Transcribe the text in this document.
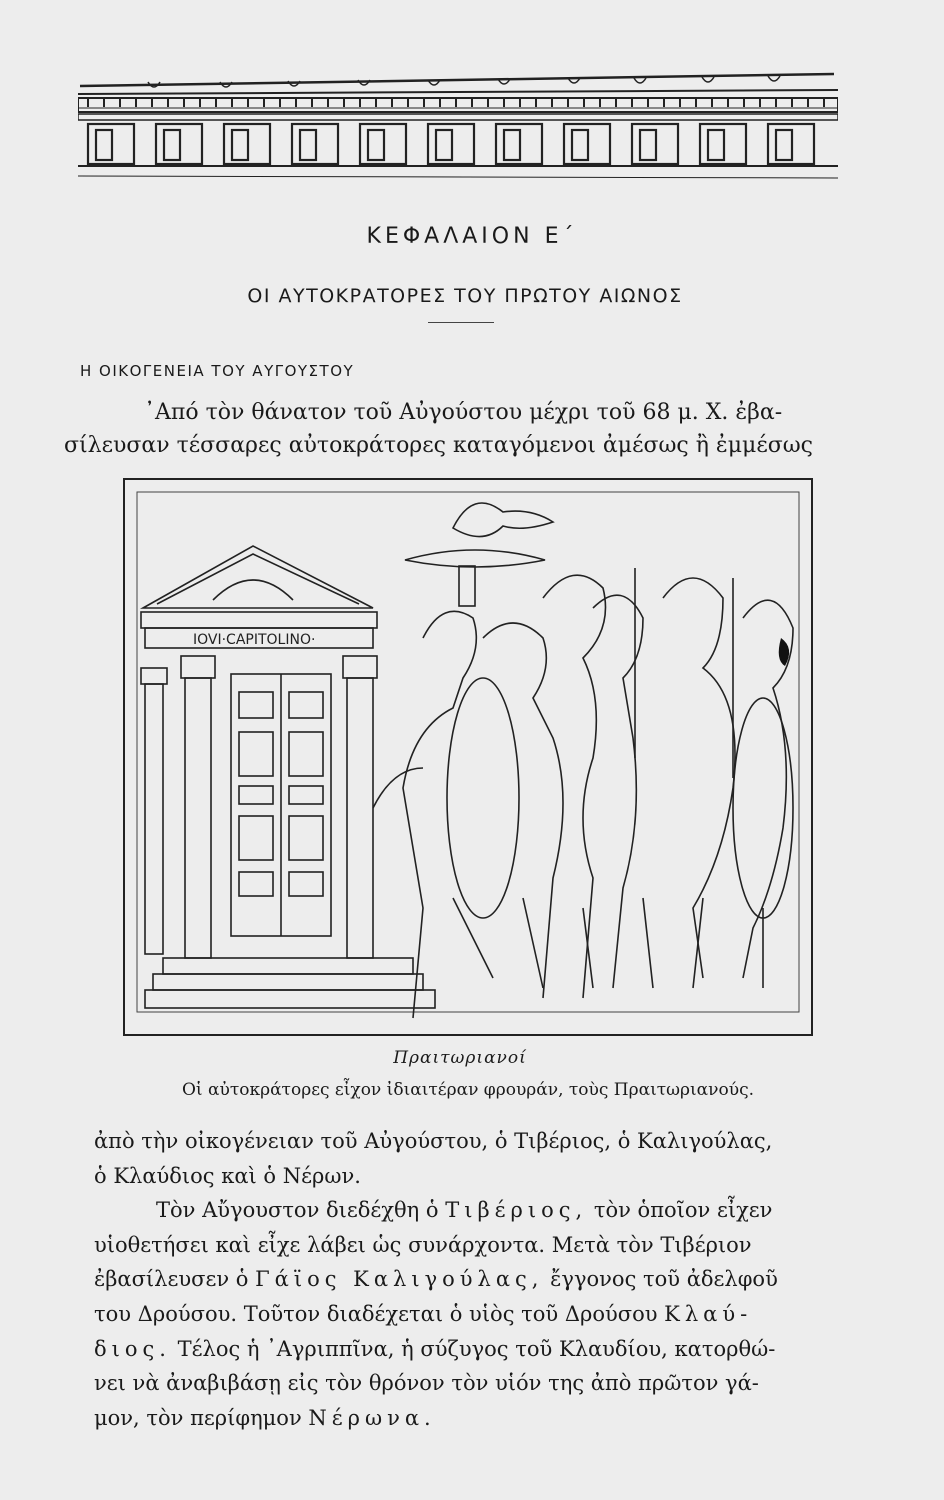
ΚΕΦΑΛΑΙΟΝ Ε΄
ΟΙ ΑΥΤΟΚΡΑΤΟΡΕΣ ΤΟΥ ΠΡΩΤΟΥ ΑΙΩΝΟΣ
Η ΟΙΚΟΓΕΝΕΙΑ ΤΟΥ ΑΥΓΟΥΣΤΟΥ
᾿Από τὸν θάνατον τοῦ Αὐγούστου μέχρι τοῦ 68 μ. Χ. ἐβα-
σίλευσαν τέσσαρες αὐτοκράτορες καταγόμενοι ἀμέσως ἢ ἐμμέσως
IOVI·CAPITOLINO·
Πραιτωριανοί
Οἱ αὐτοκράτορες εἶχον ἰδιαιτέραν φρουράν, τοὺς Πραιτωριανούς.
ἀπὸ τὴν οἰκογένειαν τοῦ Αὐγούστου, ὁ Τιβέριος, ὁ Καλιγούλας,
ὁ Κλαύδιος καὶ ὁ Νέρων.
Τὸν Αὔγουστον διεδέχθη ὁ Τιβέριος, τὸν ὁποῖον εἶχεν
υἱοθετήσει καὶ εἶχε λάβει ὡς συνάρχοντα. Μετὰ τὸν Τιβέριον
ἐβασίλευσεν ὁ Γάϊος Καλιγούλας, ἔγγονος τοῦ ἀδελφοῦ
του Δρούσου. Τοῦτον διαδέχεται ὁ υἱὸς τοῦ Δρούσου Κλαύ-
διος. Τέλος ἡ ᾿Αγριππῖνα, ἡ σύζυγος τοῦ Κλαυδίου, κατορθώ-
νει νὰ ἀναβιβάσῃ εἰς τὸν θρόνον τὸν υἱόν της ἀπὸ πρῶτον γά-
μον, τὸν περίφημον Νέρωνα.
